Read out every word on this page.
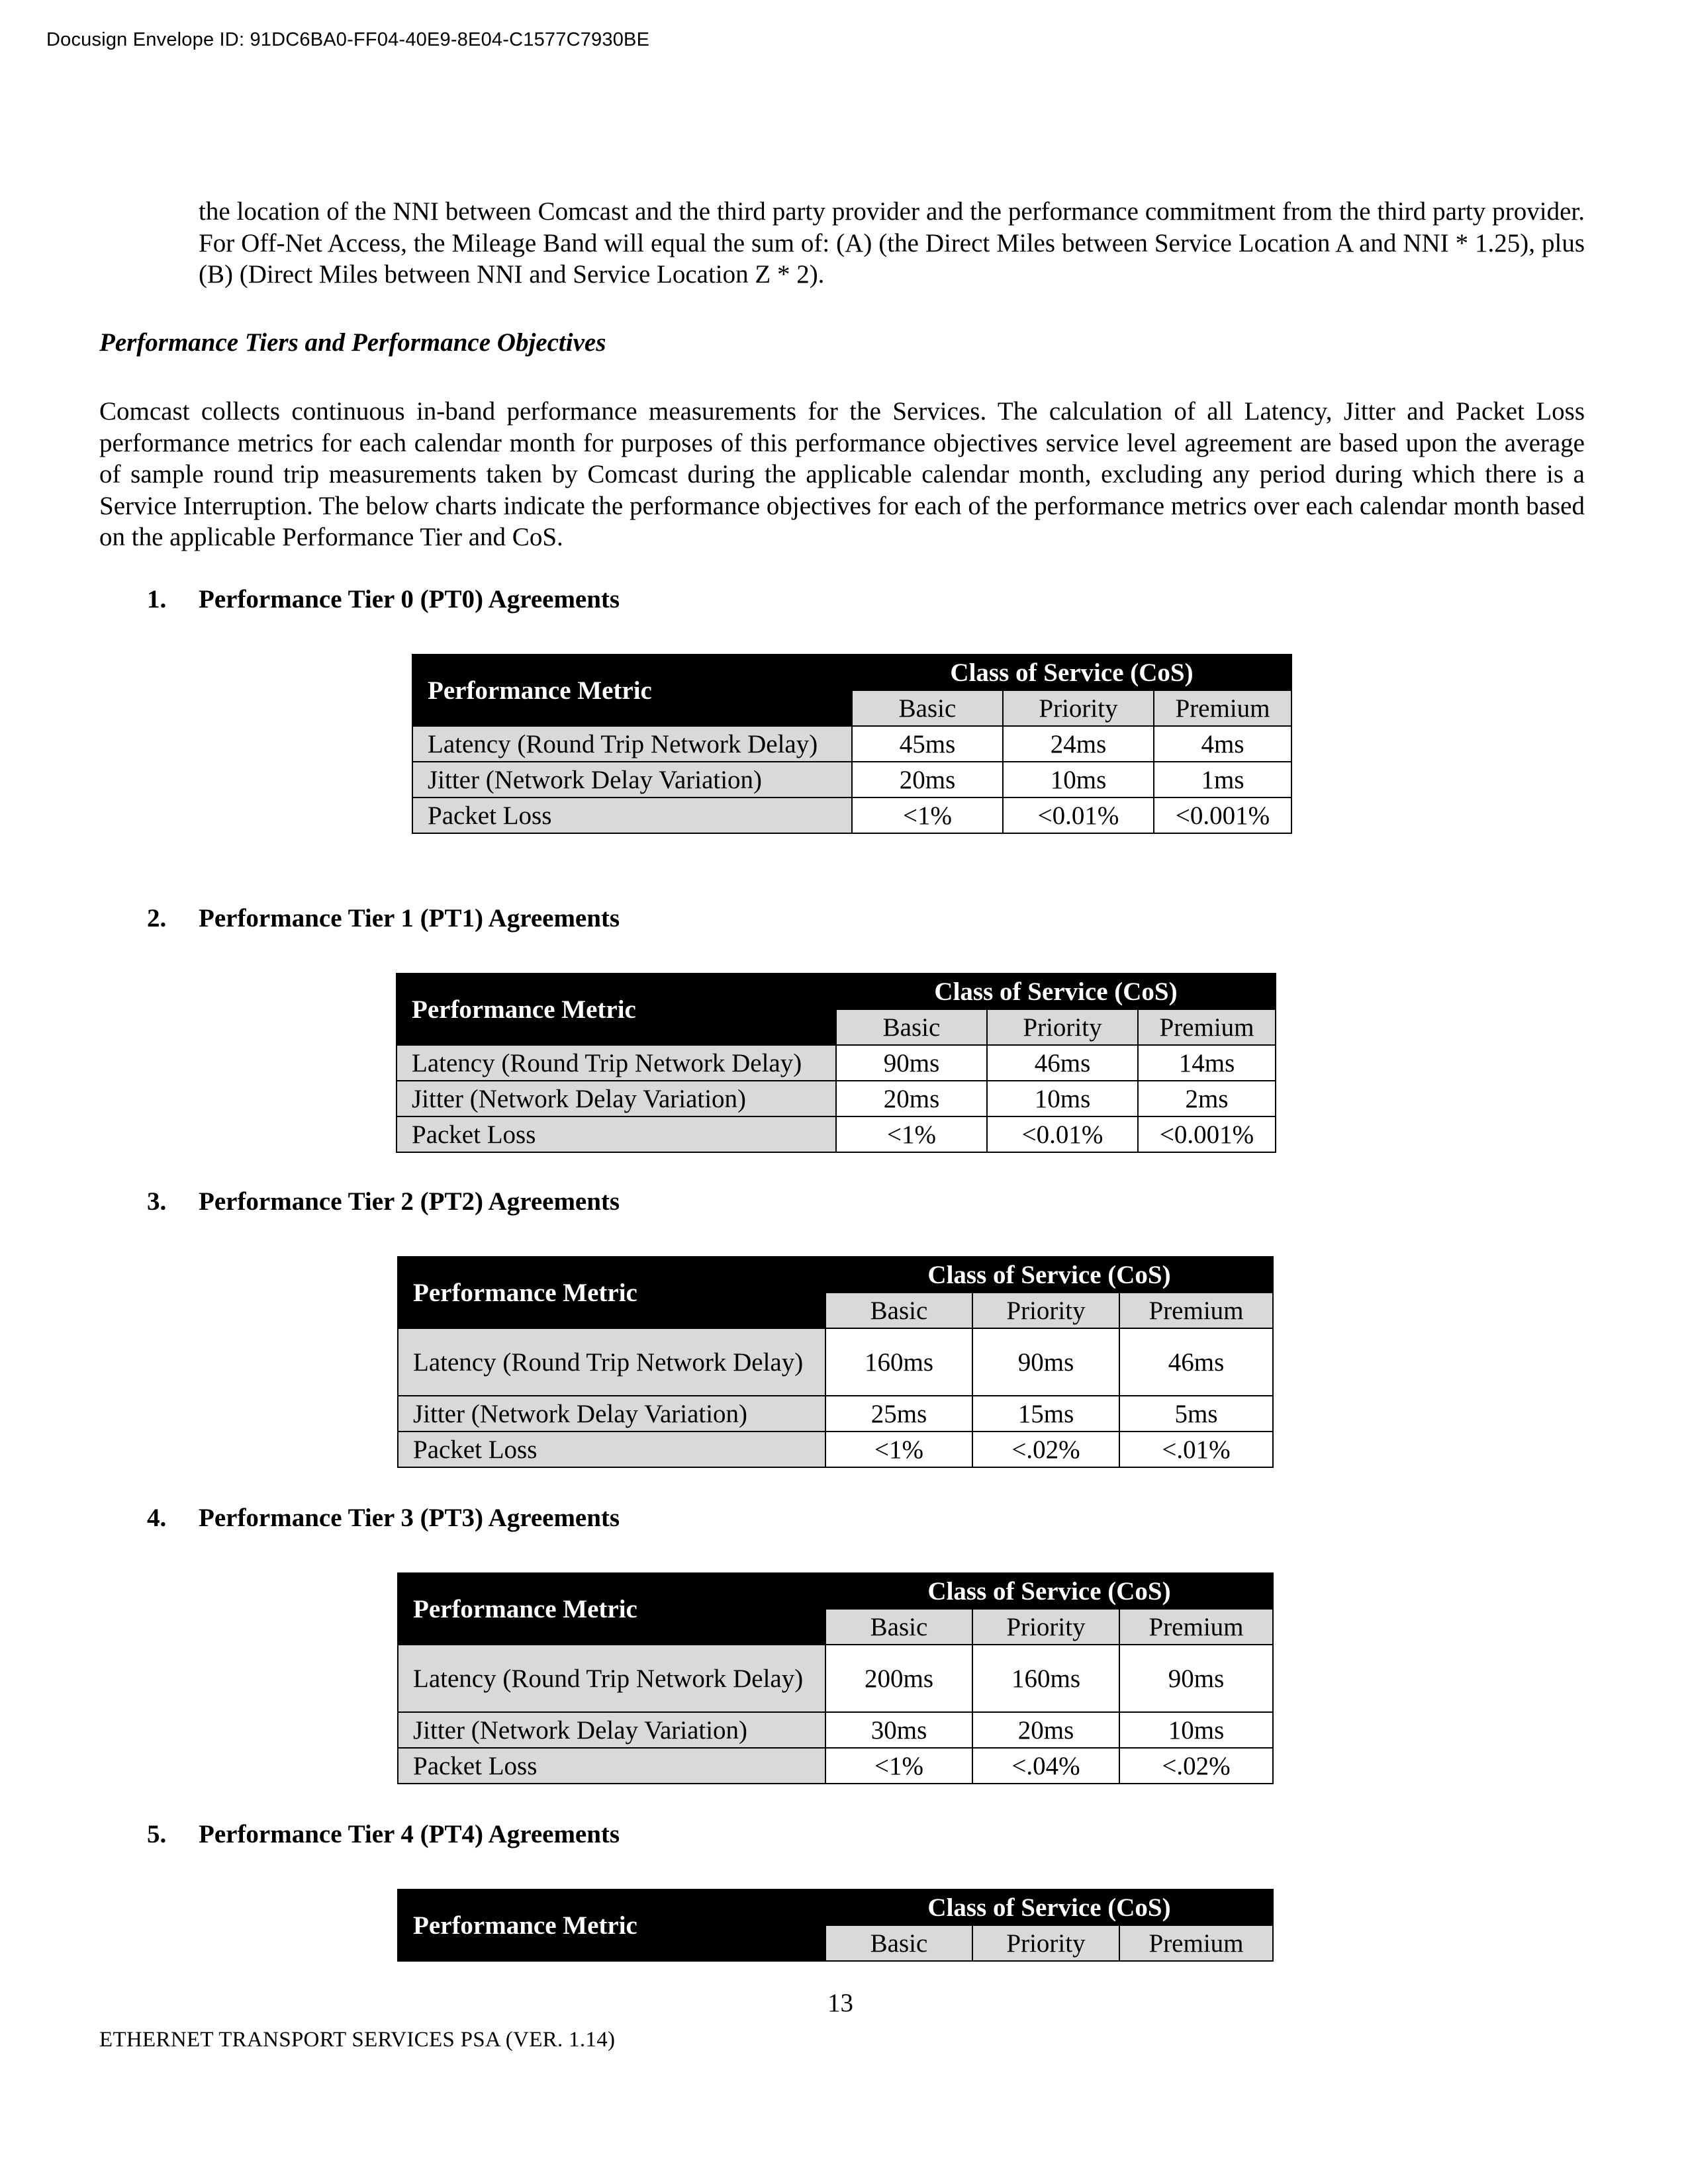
Docusign Envelope ID: 91DC6BA0-FF04-40E9-8E04-C1577C7930BE

the location of the NNI between Comcast and the third party provider and the performance commitment from the third party provider. For Off-Net Access, the Mileage Band will equal the sum of: (A) (the Direct Miles between Service Location A and NNI * 1.25), plus (B) (Direct Miles between NNI and Service Location Z * 2).

Performance Tiers and Performance Objectives

Comcast collects continuous in-band performance measurements for the Services. The calculation of all Latency, Jitter and Packet Loss performance metrics for each calendar month for purposes of this performance objectives service level agreement are based upon the average of sample round trip measurements taken by Comcast during the applicable calendar month, excluding any period during which there is a Service Interruption. The below charts indicate the performance objectives for each of the performance metrics over each calendar month based on the applicable Performance Tier and CoS.

1. Performance Tier 0 (PT0) Agreements

Performance Metric	Class of Service (CoS)		
	Basic	Priority	Premium
Latency (Round Trip Network Delay)	45ms	24ms	4ms
Jitter (Network Delay Variation)	20ms	10ms	1ms
Packet Loss	<1%	<0.01%	<0.001%

2. Performance Tier 1 (PT1) Agreements

Performance Metric	Class of Service (CoS)		
	Basic	Priority	Premium
Latency (Round Trip Network Delay)	90ms	46ms	14ms
Jitter (Network Delay Variation)	20ms	10ms	2ms
Packet Loss	<1%	<0.01%	<0.001%

3. Performance Tier 2 (PT2) Agreements

Performance Metric	Class of Service (CoS)		
	Basic	Priority	Premium
Latency (Round Trip Network Delay)	160ms	90ms	46ms
Jitter (Network Delay Variation)	25ms	15ms	5ms
Packet Loss	<1%	<.02%	<.01%

4. Performance Tier 3 (PT3) Agreements

Performance Metric	Class of Service (CoS)		
	Basic	Priority	Premium
Latency (Round Trip Network Delay)	200ms	160ms	90ms
Jitter (Network Delay Variation)	30ms	20ms	10ms
Packet Loss	<1%	<.04%	<.02%

5. Performance Tier 4 (PT4) Agreements

Performance Metric	Class of Service (CoS)		
	Basic	Priority	Premium

13

ETHERNET TRANSPORT SERVICES PSA (VER. 1.14)
